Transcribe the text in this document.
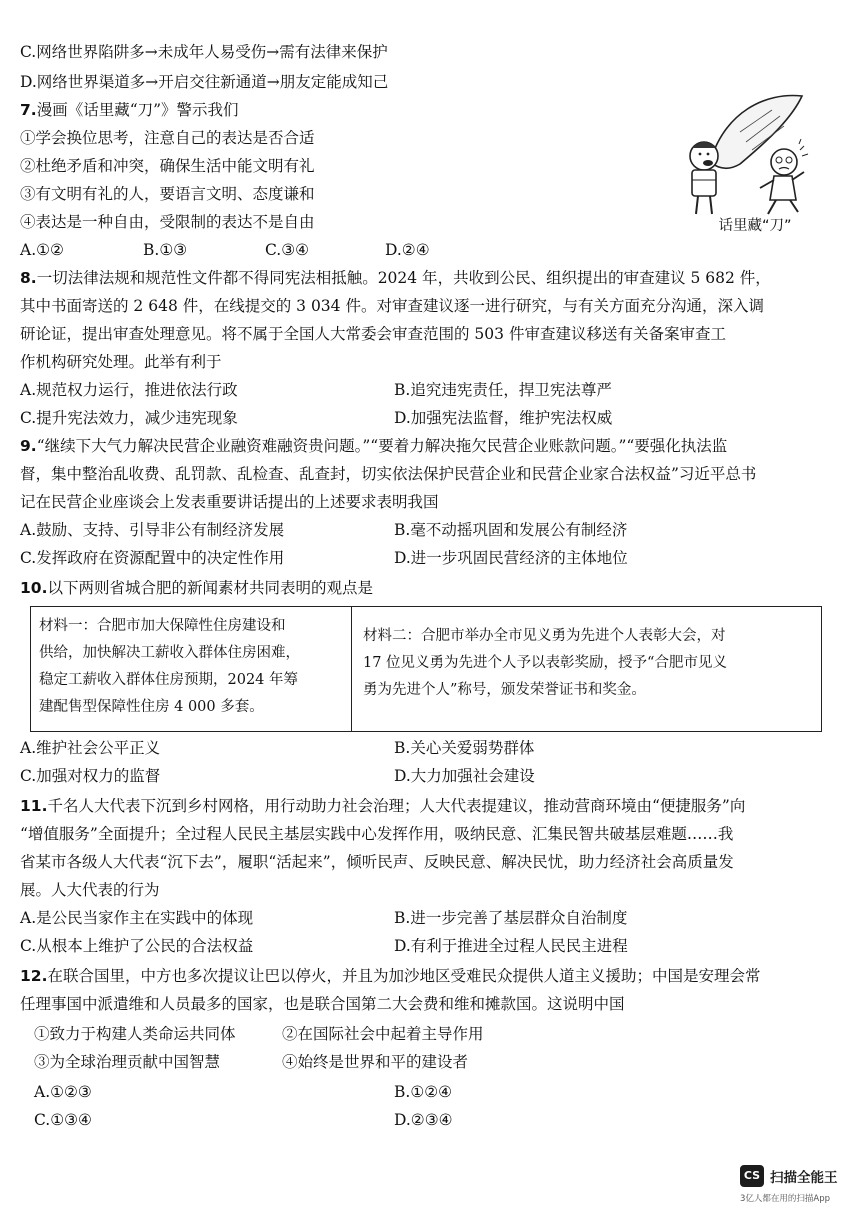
C.网络世界陷阱多→未成年人易受伤→需有法律来保护
D.网络世界渠道多→开启交往新通道→朋友定能成知己
7.漫画《话里藏“刀”》警示我们
①学会换位思考，注意自己的表达是否合适
②杜绝矛盾和冲突，确保生活中能文明有礼
③有文明有礼的人，要语言文明、态度谦和
④表达是一种自由，受限制的表达不是自由
A.①②	B.①③	C.③④	D.②④
话里藏“刀”
8.一切法律法规和规范性文件都不得同宪法相抵触。2024 年，共收到公民、组织提出的审查建议 5 682 件，
其中书面寄送的 2 648 件，在线提交的 3 034 件。对审查建议逐一进行研究，与有关方面充分沟通，深入调
研论证，提出审查处理意见。将不属于全国人大常委会审查范围的 503 件审查建议移送有关备案审查工
作机构研究处理。此举有利于
A.规范权力运行，推进依法行政	B.追究违宪责任，捍卫宪法尊严
C.提升宪法效力，减少违宪现象	D.加强宪法监督，维护宪法权威
9.“继续下大气力解决民营企业融资难融资贵问题。”“要着力解决拖欠民营企业账款问题。”“要强化执法监
督，集中整治乱收费、乱罚款、乱检查、乱查封，切实依法保护民营企业和民营企业家合法权益”习近平总书
记在民营企业座谈会上发表重要讲话提出的上述要求表明我国
A.鼓励、支持、引导非公有制经济发展	B.毫不动摇巩固和发展公有制经济
C.发挥政府在资源配置中的决定性作用	D.进一步巩固民营经济的主体地位
10.以下两则省城合肥的新闻素材共同表明的观点是
材料一：合肥市加大保障性住房建设和
供给，加快解决工薪收入群体住房困难，
稳定工薪收入群体住房预期，2024 年筹
建配售型保障性住房 4 000 多套。
材料二：合肥市举办全市见义勇为先进个人表彰大会，对
17 位见义勇为先进个人予以表彰奖励，授予“合肥市见义
勇为先进个人”称号，颁发荣誉证书和奖金。
A.维护社会公平正义	B.关心关爱弱势群体
C.加强对权力的监督	D.大力加强社会建设
11.千名人大代表下沉到乡村网格，用行动助力社会治理；人大代表提建议，推动营商环境由“便捷服务”向
“增值服务”全面提升；全过程人民民主基层实践中心发挥作用，吸纳民意、汇集民智共破基层难题……我
省某市各级人大代表“沉下去”，履职“活起来”，倾听民声、反映民意、解决民忧，助力经济社会高质量发
展。人大代表的行为
A.是公民当家作主在实践中的体现	B.进一步完善了基层群众自治制度
C.从根本上维护了公民的合法权益	D.有利于推进全过程人民民主进程
12.在联合国里，中方也多次提议让巴以停火，并且为加沙地区受难民众提供人道主义援助；中国是安理会常
任理事国中派遣维和人员最多的国家，也是联合国第二大会费和维和摊款国。这说明中国
①致力于构建人类命运共同体	②在国际社会中起着主导作用
③为全球治理贡献中国智慧	④始终是世界和平的建设者
A.①②③	B.①②④
C.①③④	D.②③④
CS 扫描全能王
3亿人都在用的扫描App
